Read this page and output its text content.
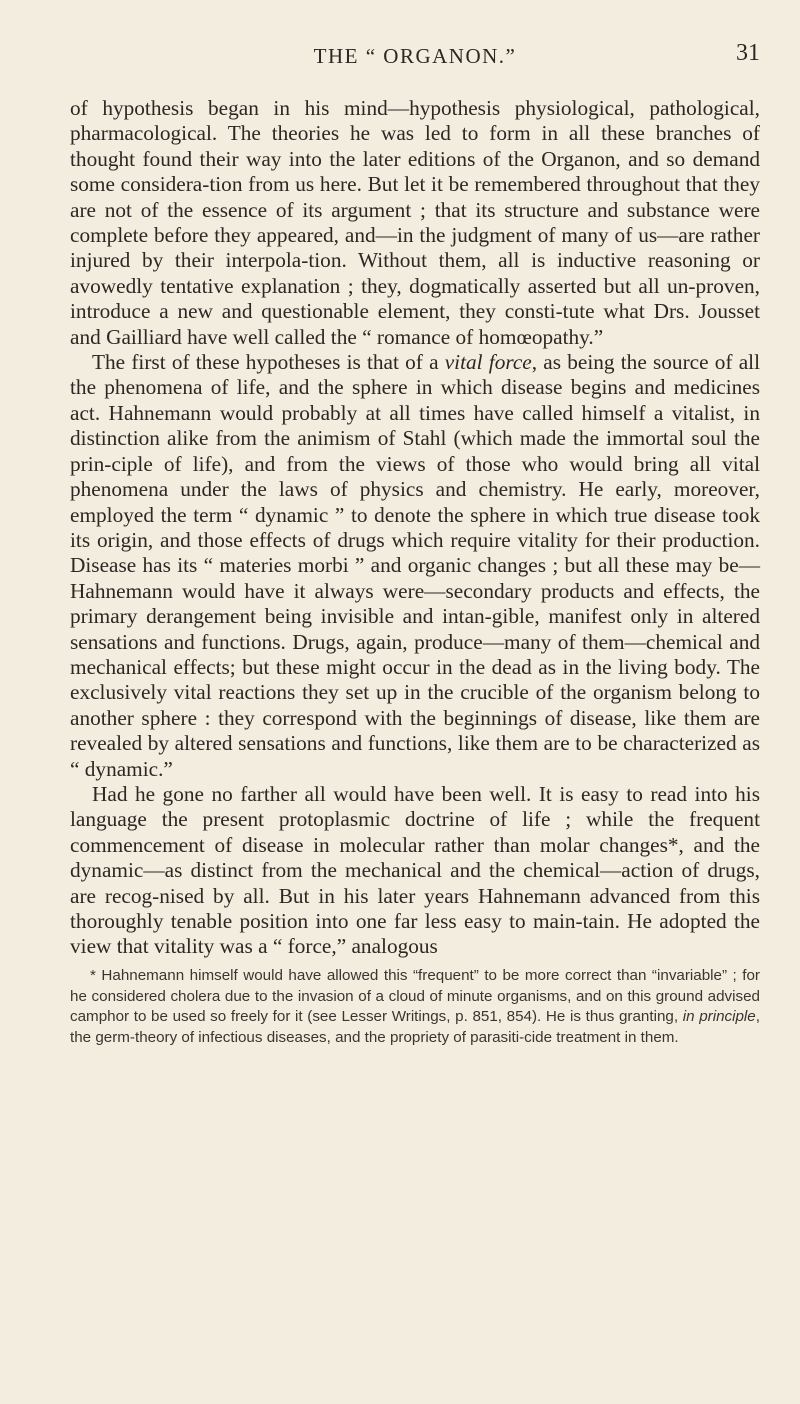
THE “ ORGANON.”	31

of hypothesis began in his mind—hypothesis physiological, pathological, pharmacological. The theories he was led to form in all these branches of thought found their way into the later editions of the Organon, and so demand some considera-tion from us here. But let it be remembered throughout that they are not of the essence of its argument ; that its structure and substance were complete before they appeared, and—in the judgment of many of us—are rather injured by their interpola-tion. Without them, all is inductive reasoning or avowedly tentative explanation ; they, dogmatically asserted but all un-proven, introduce a new and questionable element, they consti-tute what Drs. Jousset and Gailliard have well called the “ romance of homœopathy.”

The first of these hypotheses is that of a vital force, as being the source of all the phenomena of life, and the sphere in which disease begins and medicines act. Hahnemann would probably at all times have called himself a vitalist, in distinction alike from the animism of Stahl (which made the immortal soul the prin-ciple of life), and from the views of those who would bring all vital phenomena under the laws of physics and chemistry. He early, moreover, employed the term “ dynamic ” to denote the sphere in which true disease took its origin, and those effects of drugs which require vitality for their production. Disease has its “ materies morbi ” and organic changes ; but all these may be—Hahnemann would have it always were—secondary products and effects, the primary derangement being invisible and intan-gible, manifest only in altered sensations and functions. Drugs, again, produce—many of them—chemical and mechanical effects; but these might occur in the dead as in the living body. The exclusively vital reactions they set up in the crucible of the organism belong to another sphere : they correspond with the beginnings of disease, like them are revealed by altered sensations and functions, like them are to be characterized as “ dynamic.”

Had he gone no farther all would have been well. It is easy to read into his language the present protoplasmic doctrine of life ; while the frequent commencement of disease in molecular rather than molar changes*, and the dynamic—as distinct from the mechanical and the chemical—action of drugs, are recog-nised by all. But in his later years Hahnemann advanced from this thoroughly tenable position into one far less easy to main-tain. He adopted the view that vitality was a “ force,” analogous

* Hahnemann himself would have allowed this “frequent” to be more correct than “invariable” ; for he considered cholera due to the invasion of a cloud of minute organisms, and on this ground advised camphor to be used so freely for it (see Lesser Writings, p. 851, 854). He is thus granting, in principle, the germ-theory of infectious diseases, and the propriety of parasiti-cide treatment in them.
